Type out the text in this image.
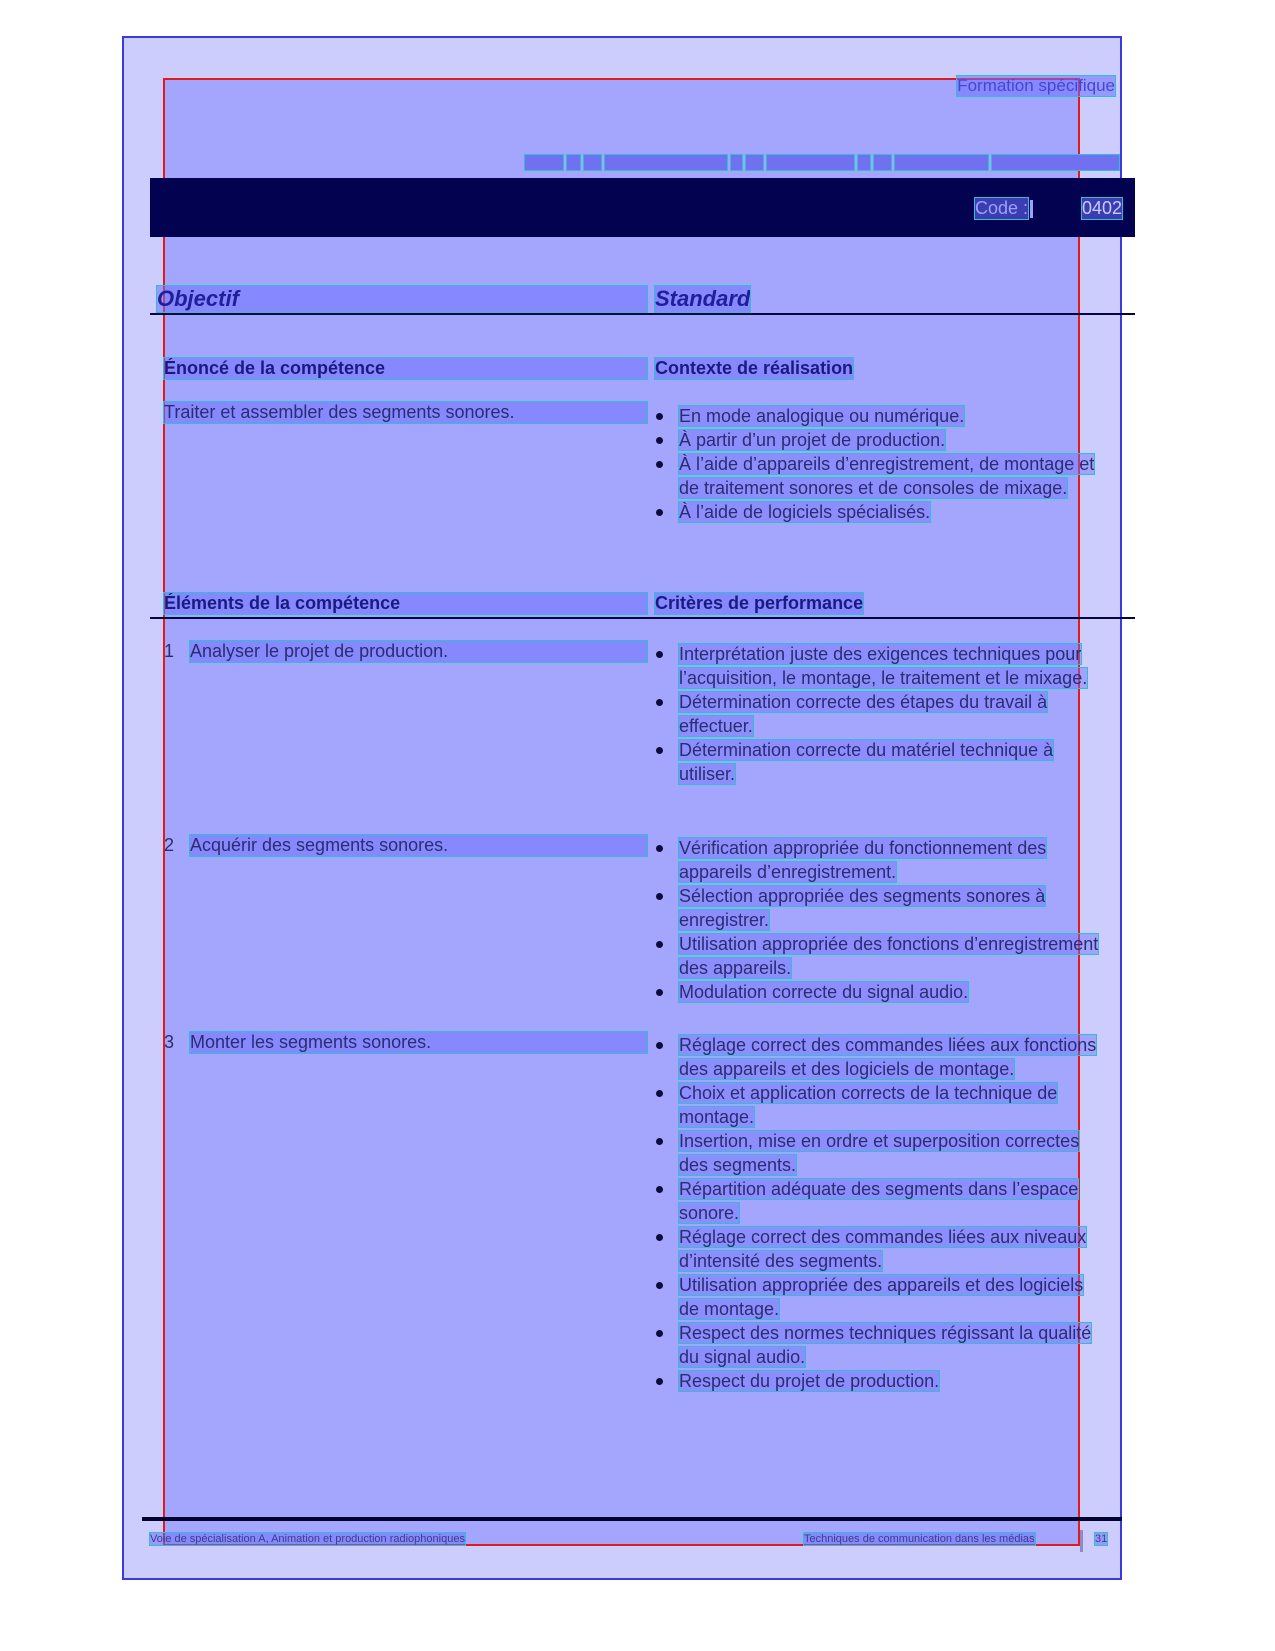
Formation spécifique
Code :	0402
Objectif	Standard
Énoncé de la compétence	Contexte de réalisation
Traiter et assembler des segments sonores.	En mode analogique ou numérique.
À partir d’un projet de production.
À l’aide d’appareils d’enregistrement, de montage et de traitement sonores et de consoles de mixage.
À l’aide de logiciels spécialisés.
Éléments de la compétence	Critères de performance
1 Analyser le projet de production.	Interprétation juste des exigences techniques pour l’acquisition, le montage, le traitement et le mixage.
Détermination correcte des étapes du travail à effectuer.
Détermination correcte du matériel technique à utiliser.
2 Acquérir des segments sonores.	Vérification appropriée du fonctionnement des appareils d’enregistrement.
Sélection appropriée des segments sonores à enregistrer.
Utilisation appropriée des fonctions d’enregistrement des appareils.
Modulation correcte du signal audio.
3 Monter les segments sonores.	Réglage correct des commandes liées aux fonctions des appareils et des logiciels de montage.
Choix et application corrects de la technique de montage.
Insertion, mise en ordre et superposition correctes des segments.
Répartition adéquate des segments dans l’espace sonore.
Réglage correct des commandes liées aux niveaux d’intensité des segments.
Utilisation appropriée des appareils et des logiciels de montage.
Respect des normes techniques régissant la qualité du signal audio.
Respect du projet de production.
Voie de spécialisation A, Animation et production radiophoniques	Techniques de communication dans les médias	31
